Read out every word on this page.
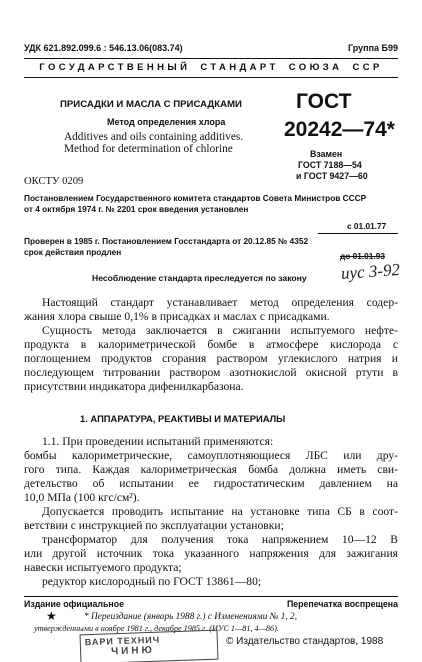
УДК 621.892.099.6 : 546.13.06(083.74)	Группа Б99
ГОСУДАРСТВЕННЫЙ СТАНДАРТ СОЮЗА ССР
ПРИСАДКИ И МАСЛА С ПРИСАДКАМИ
Метод определения хлора
Additives and oils containing additives.
Method for determination of chlorine
ОКСТУ 0209
ГОСТ
20242—74*
Взамен
ГОСТ 7188—54
и ГОСТ 9427—60
Постановлением Государственного комитета стандартов Совета Министров СССР
от 4 октября 1974 г. № 2201 срок введения установлен
с 01.01.77
Проверен в 1985 г. Постановлением Госстандарта от 20.12.85 № 4352
срок действия продлен	до 01.01.93
Несоблюдение стандарта преследуется по закону иус 3-92
Настоящий стандарт устанавливает метод определения содер-
жания хлора свыше 0,1% в присадках и маслах с присадками.
Сущность метода заключается в сжигании испытуемого нефте-
продукта в калориметрической бомбе в атмосфере кислорода с
поглощением продуктов сгорания раствором углекислого натрия и
последующем титровании раствором азотнокислой окисной ртути в
присутствии индикатора дифенилкарбазона.
1. АППАРАТУРА, РЕАКТИВЫ И МАТЕРИАЛЫ
1.1. При проведении испытаний применяются:
бомбы калориметрические, самоуплотняющиеся ЛБС или дру-
гого типа. Каждая калориметрическая бомба должна иметь сви-
детельство об испытании ее гидростатическим давлением на
10,0 МПа (100 кгс/см²).
Допускается проводить испытание на установке типа СБ в соот-
ветствии с инструкцией по эксплуатации установки;
трансформатор для получения тока напряжением 10—12 В
или другой источник тока указанного напряжения для зажигания
навески испытуемого продукта;
редуктор кислородный по ГОСТ 13861—80;
Издание официальное	Перепечатка воспрещена
★	* Переиздание (январь 1988 г.) с Изменениями № 1, 2,
утвержденными в ноябре 1981 г., декабре 1985 г. (ИУС 1—81, 4—86).
© Издательство стандартов, 1988
ВАРИ ТЕХНИЧ
ЧИНЮ
